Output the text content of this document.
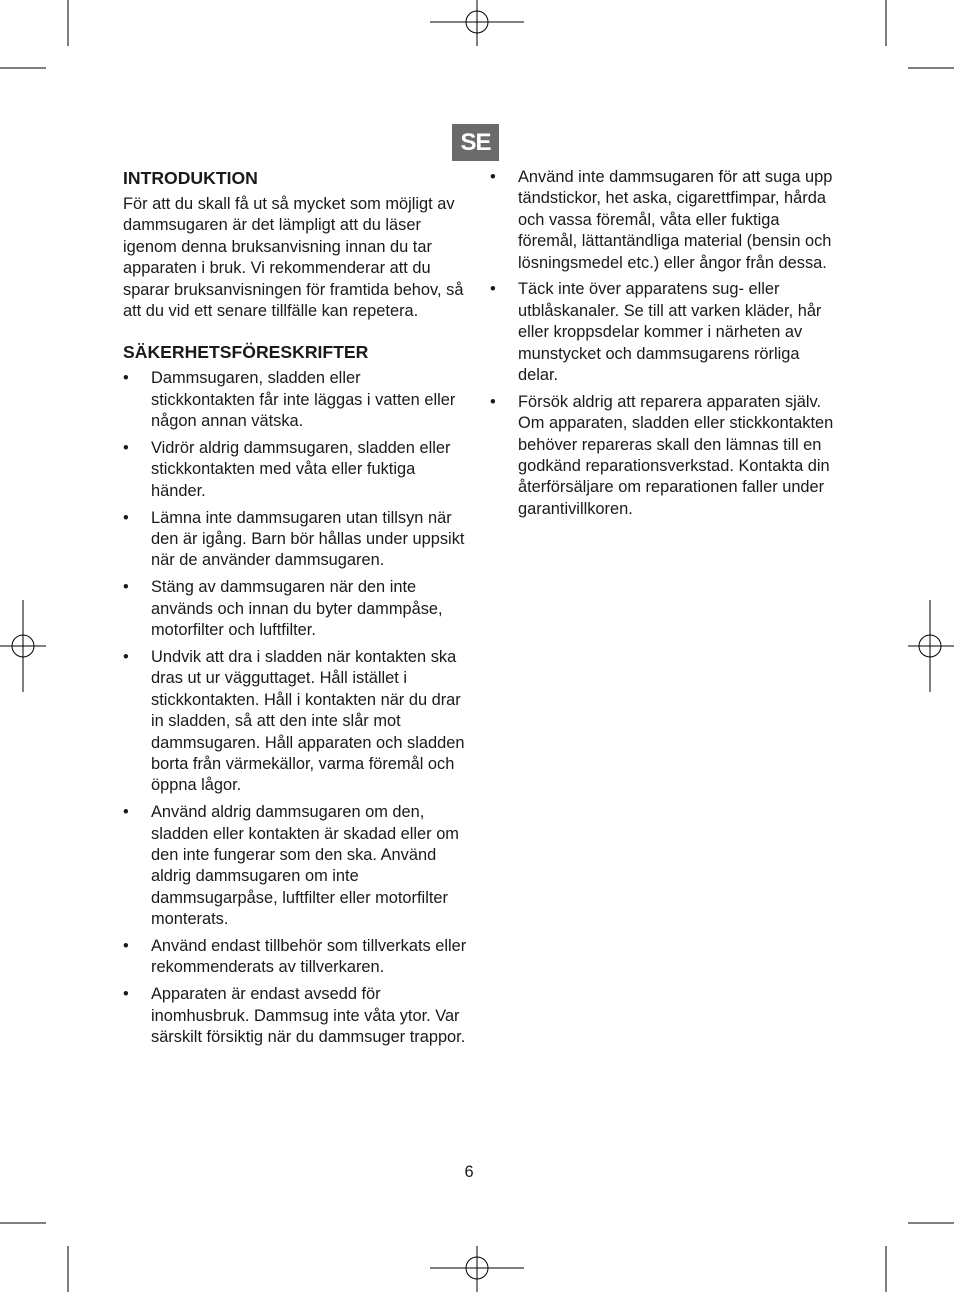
SE
INTRODUKTION

För att du skall få ut så mycket som möjligt av dammsugaren är det lämpligt att du läser igenom denna bruksanvisning innan du tar apparaten i bruk. Vi rekommenderar att du sparar bruksanvisningen för framtida behov, så att du vid ett senare tillfälle kan repetera.

SÄKERHETSFÖRESKRIFTER
• Dammsugaren, sladden eller stickkontakten får inte läggas i vatten eller någon annan vätska.
• Vidrör aldrig dammsugaren, sladden eller stickkontakten med våta eller fuktiga händer.
• Lämna inte dammsugaren utan tillsyn när den är igång. Barn bör hållas under uppsikt när de använder dammsugaren.
• Stäng av dammsugaren när den inte används och innan du byter dammpåse, motorfilter och luftfilter.
• Undvik att dra i sladden när kontakten ska dras ut ur vägguttaget. Håll istället i stickkontakten. Håll i kontakten när du drar in sladden, så att den inte slår mot dammsugaren. Håll apparaten och sladden borta från värmekällor, varma föremål och öppna lågor.
• Använd aldrig dammsugaren om den, sladden eller kontakten är skadad eller om den inte fungerar som den ska. Använd aldrig dammsugaren om inte dammsugarpåse, luftfilter eller motorfilter monterats.
• Använd endast tillbehör som tillverkats eller rekommenderats av tillverkaren.
• Apparaten är endast avsedd för inomhusbruk. Dammsug inte våta ytor. Var särskilt försiktig när du dammsuger trappor.
• Använd inte dammsugaren för att suga upp tändstickor, het aska, cigarettfimpar, hårda och vassa föremål, våta eller fuktiga föremål, lättantändliga material (bensin och lösningsmedel etc.) eller ångor från dessa.
• Täck inte över apparatens sug- eller utblåskanaler. Se till att varken kläder, hår eller kroppsdelar kommer i närheten av munstycket och dammsugarens rörliga delar.
• Försök aldrig att reparera apparaten själv. Om apparaten, sladden eller stickkontakten behöver repareras skall den lämnas till en godkänd reparationsverkstad. Kontakta din återförsäljare om reparationen faller under garantivillkoren.
6
